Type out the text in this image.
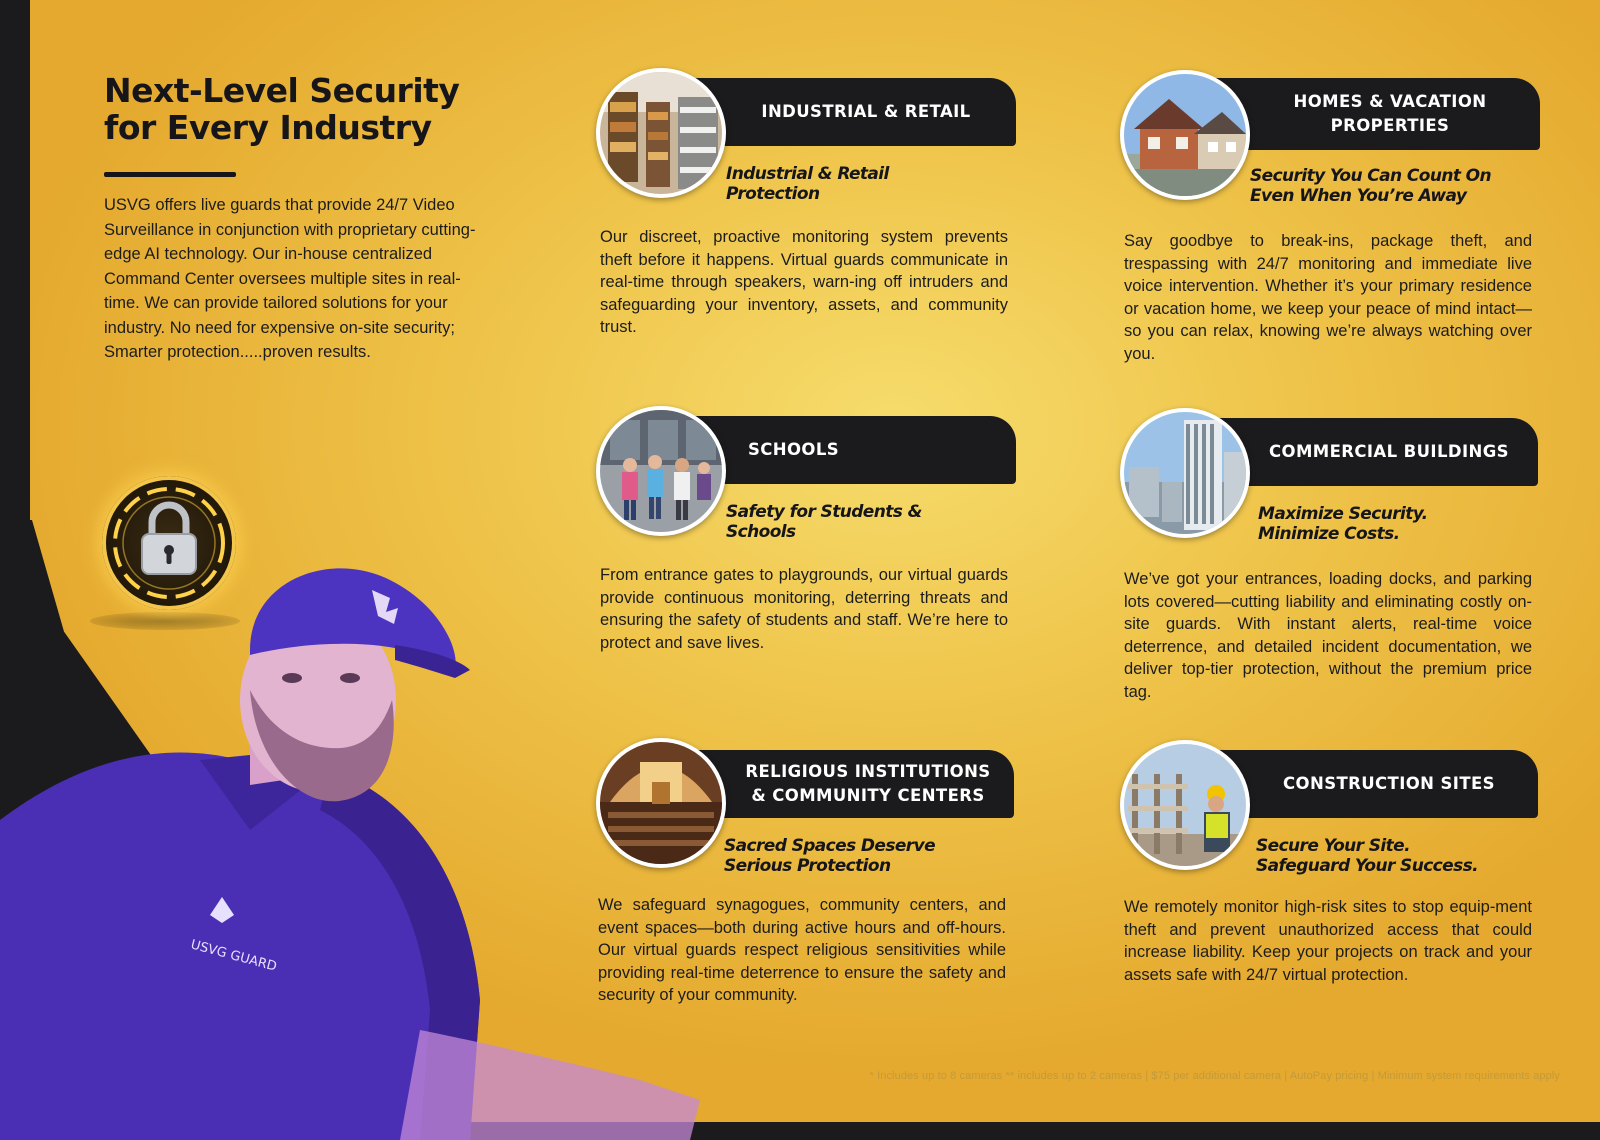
Next-Level Security
for Every Industry

USVG offers live guards that provide 24/7 Video Surveillance in conjunction with proprietary cutting-edge AI technology. Our in-house centralized Command Center oversees multiple sites in real-time. We can provide tailored solutions for your industry. No need for expensive on-site security; Smarter protection.....proven results.

USVG GUARD
INDUSTRIAL & RETAIL
Industrial & Retail
Protection
Our discreet, proactive monitoring system prevents theft before it happens. Virtual guards communicate in real-time through speakers, warn-ing off intruders and safeguarding your inventory, assets, and community trust.
HOMES & VACATION PROPERTIES
Security You Can Count On
Even When You’re Away
Say goodbye to break-ins, package theft, and trespassing with 24/7 monitoring and immediate live voice intervention. Whether it’s your primary residence or vacation home, we keep your peace of mind intact—so you can relax, knowing we’re always watching over you.
SCHOOLS
Safety for Students &
Schools
From entrance gates to playgrounds, our virtual guards provide continuous monitoring, deterring threats and ensuring the safety of students and staff. We’re here to protect and save lives.
COMMERCIAL BUILDINGS
Maximize Security.
Minimize Costs.
We’ve got your entrances, loading docks, and parking lots covered—cutting liability and eliminating costly on-site guards. With instant alerts, real-time voice deterrence, and detailed incident documentation, we deliver top-tier protection, without the premium price tag.
RELIGIOUS INSTITUTIONS & COMMUNITY CENTERS
Sacred Spaces Deserve
Serious Protection
We safeguard synagogues, community centers, and event spaces—both during active hours and off-hours. Our virtual guards respect religious sensitivities while providing real-time deterrence to ensure the safety and security of your community.
CONSTRUCTION SITES
Secure Your Site.
Safeguard Your Success.
We remotely monitor high-risk sites to stop equip-ment theft and prevent unauthorized access that could increase liability. Keep your projects on track and your assets safe with 24/7 virtual protection.
* Includes up to 8 cameras ** includes up to 2 cameras | $75 per additional camera | AutoPay pricing | Minimum system requirements apply
